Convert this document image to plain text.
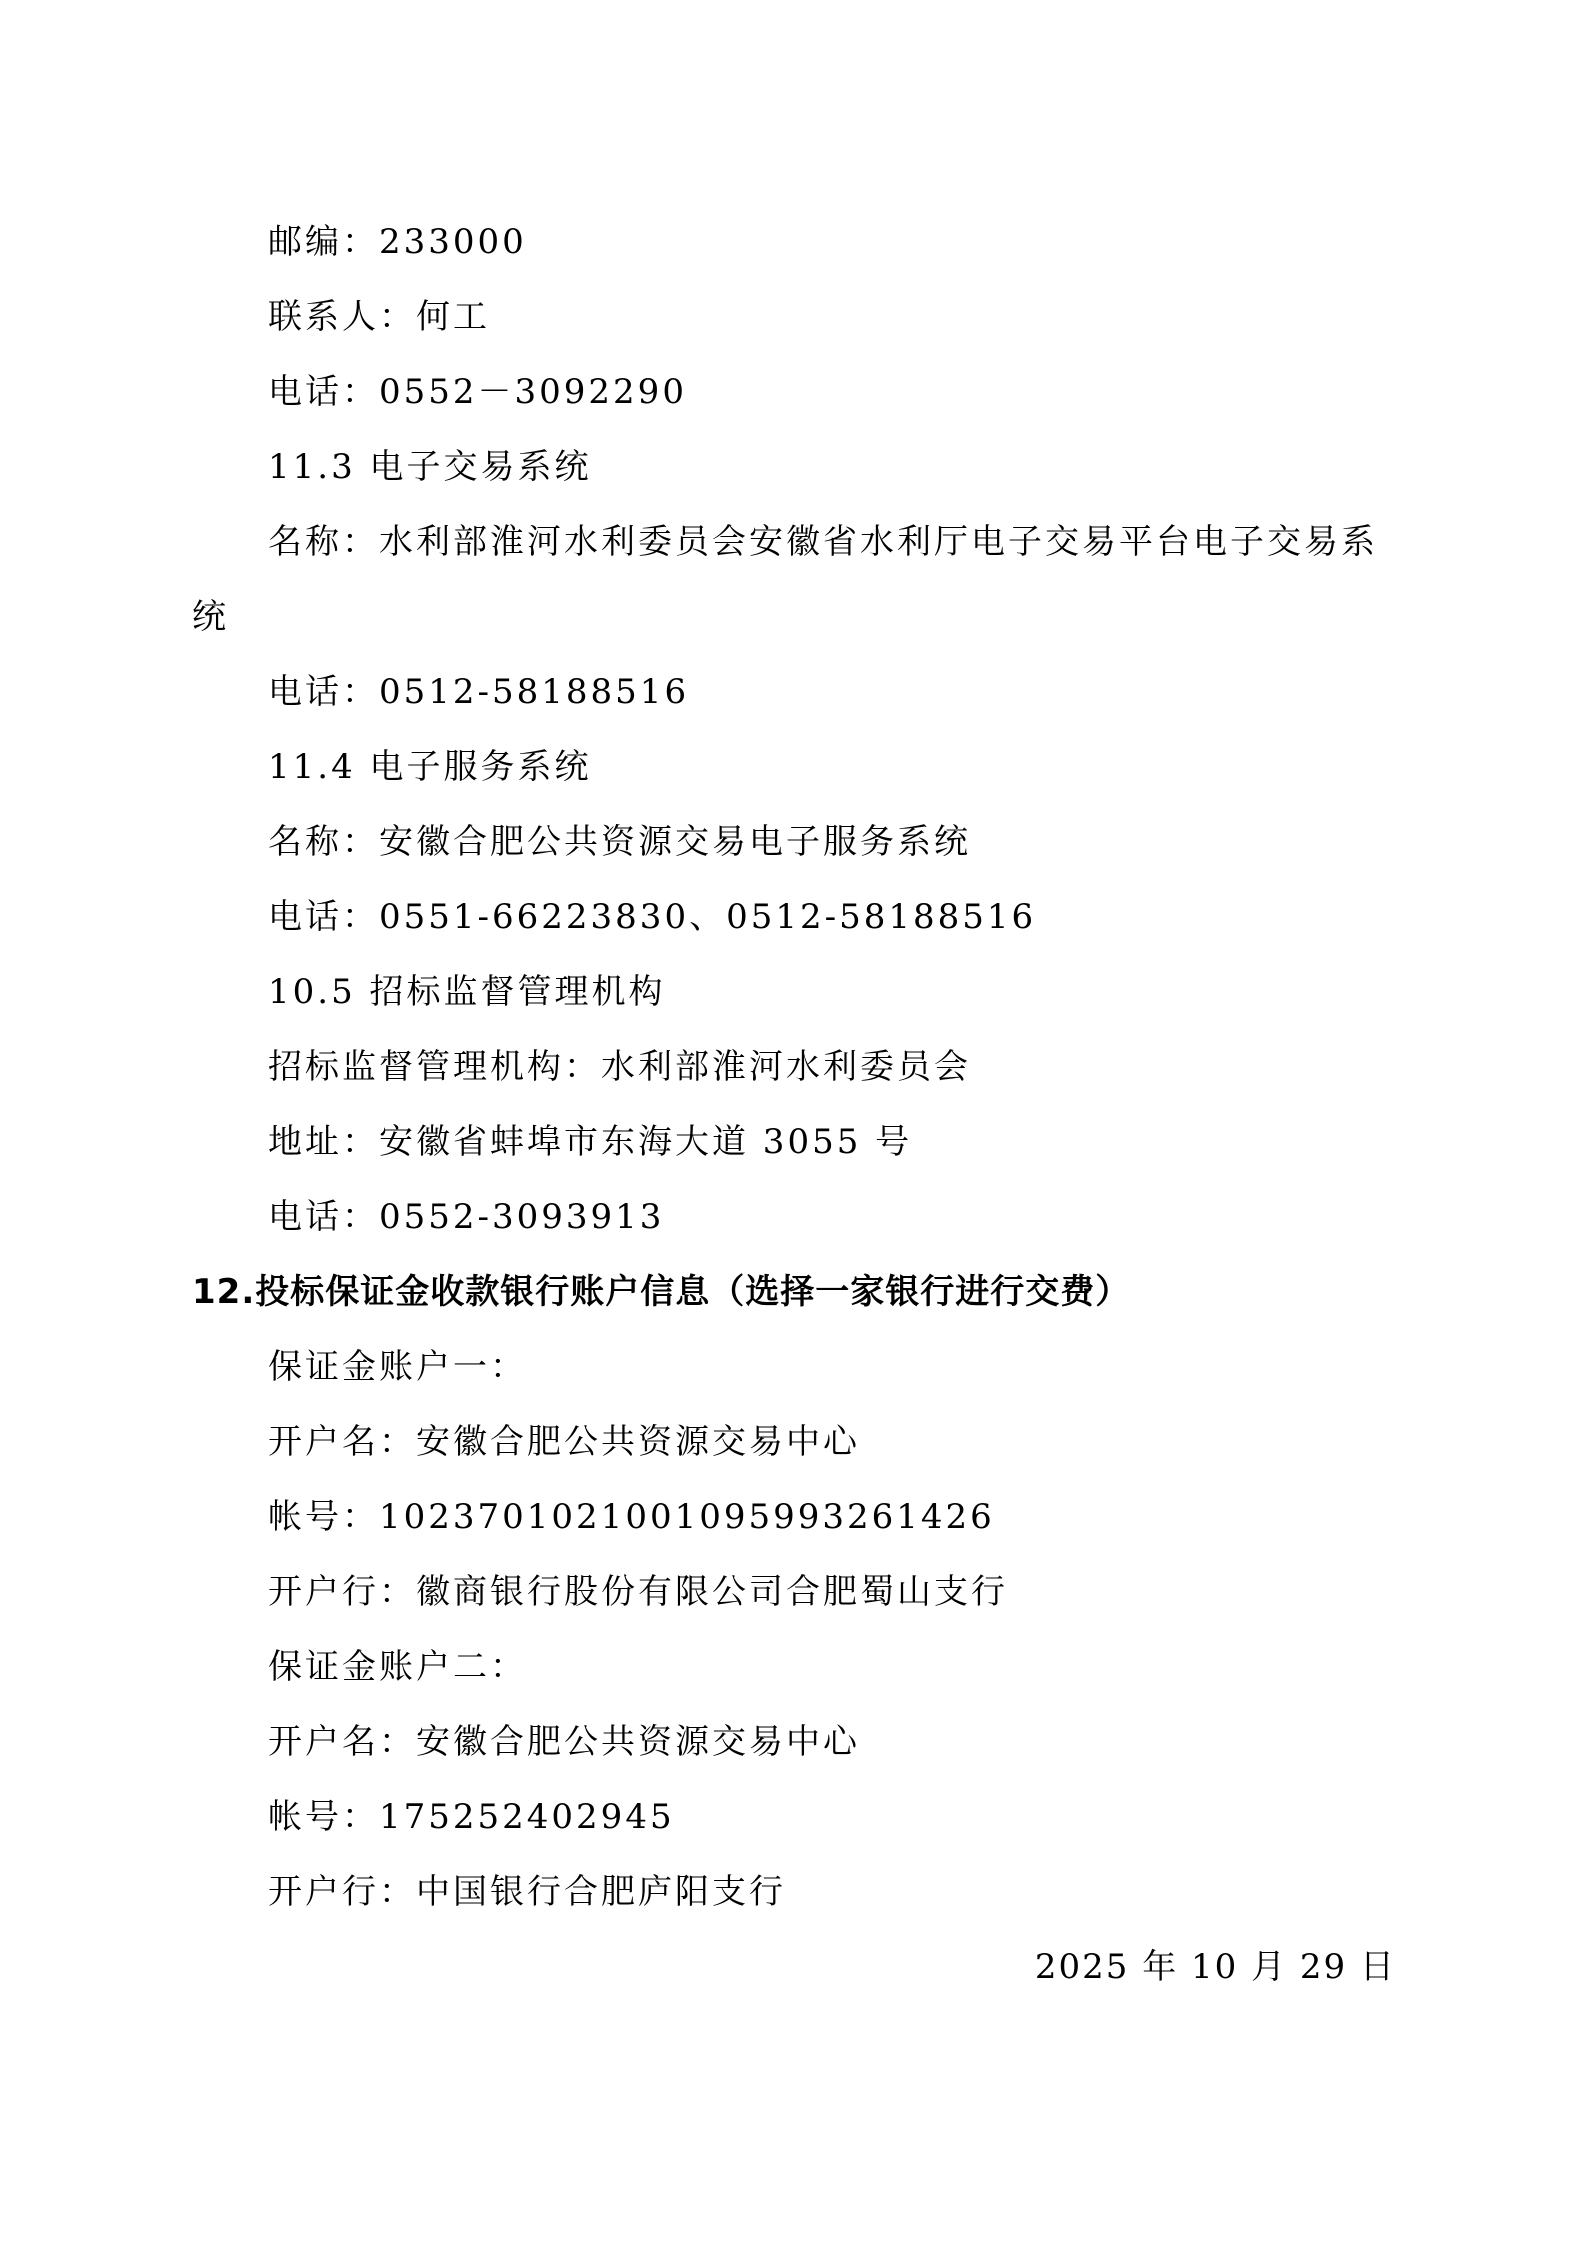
邮编：233000
联系人：何工
电话：0552－3092290
11.3 电子交易系统
名称：水利部淮河水利委员会安徽省水利厅电子交易平台电子交易系
统
电话：0512-58188516
11.4 电子服务系统
名称：安徽合肥公共资源交易电子服务系统
电话：0551-66223830、0512-58188516
10.5 招标监督管理机构
招标监督管理机构：水利部淮河水利委员会
地址：安徽省蚌埠市东海大道 3055 号
电话：0552-3093913
12.投标保证金收款银行账户信息（选择一家银行进行交费）
保证金账户一：
开户名：安徽合肥公共资源交易中心
帐号：102370102100109599326​1426
开户行：徽商银行股份有限公司合肥蜀山支行
保证金账户二：
开户名：安徽合肥公共资源交易中心
帐号：175252402945
开户行：中国银行合肥庐阳支行
2025 年 10 月 29 日
